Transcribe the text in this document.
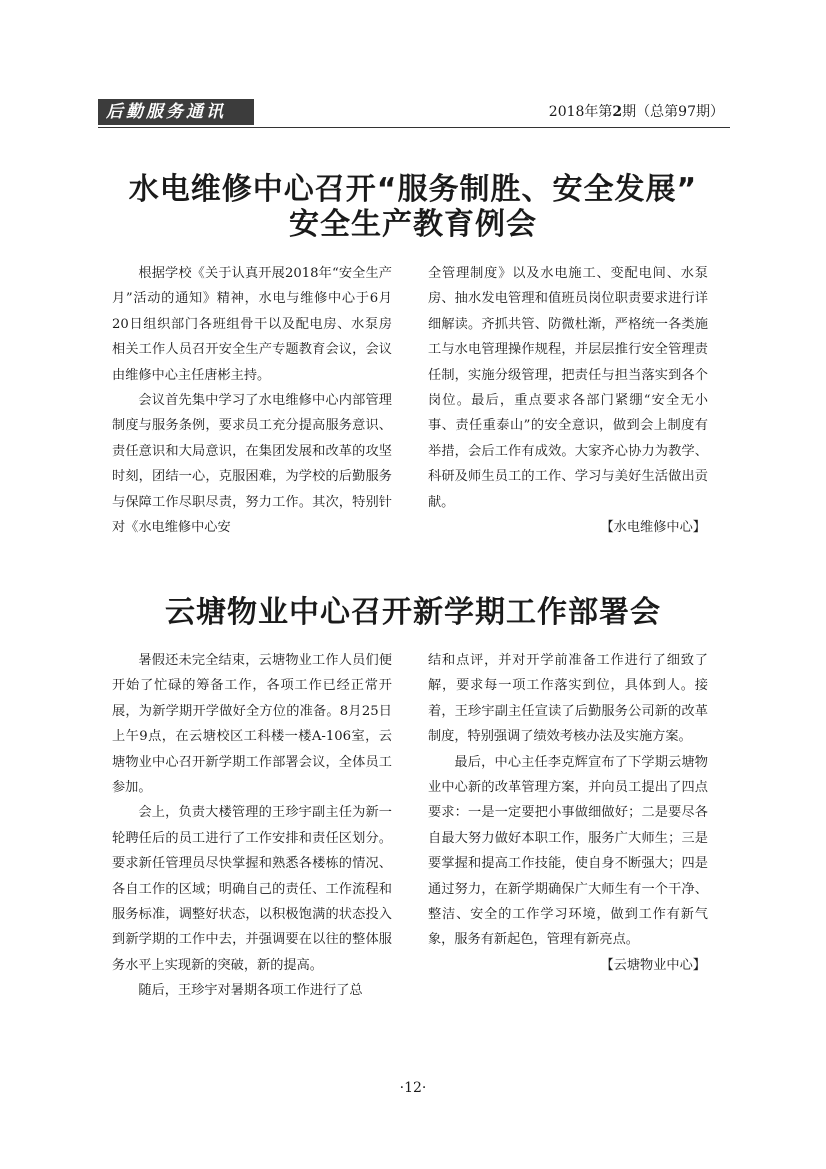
后勤服务通讯	2018年第2期（总第97期）
水电维修中心召开“服务制胜、安全发展”
安全生产教育例会

根据学校《关于认真开展2018年“安全生产月”活动的通知》精神，水电与维修中心于6月20日组织部门各班组骨干以及配电房、水泵房相关工作人员召开安全生产专题教育会议，会议由维修中心主任唐彬主持。

会议首先集中学习了水电维修中心内部管理制度与服务条例，要求员工充分提高服务意识、责任意识和大局意识，在集团发展和改革的攻坚时刻，团结一心，克服困难，为学校的后勤服务与保障工作尽职尽责，努力工作。其次，特别针对《水电维修中心安

全管理制度》以及水电施工、变配电间、水泵房、抽水发电管理和值班员岗位职责要求进行详细解读。齐抓共管、防微杜渐，严格统一各类施工与水电管理操作规程，并层层推行安全管理责任制，实施分级管理，把责任与担当落实到各个岗位。最后，重点要求各部门紧绷“安全无小事、责任重泰山”的安全意识，做到会上制度有举措，会后工作有成效。大家齐心协力为教学、科研及师生员工的工作、学习与美好生活做出贡献。

【水电维修中心】

云塘物业中心召开新学期工作部署会

暑假还未完全结束，云塘物业工作人员们便开始了忙碌的筹备工作，各项工作已经正常开展，为新学期开学做好全方位的准备。8月25日上午9点，在云塘校区工科楼一楼A-106室，云塘物业中心召开新学期工作部署会议，全体员工参加。

会上，负责大楼管理的王珍宇副主任为新一轮聘任后的员工进行了工作安排和责任区划分。要求新任管理员尽快掌握和熟悉各楼栋的情况、各自工作的区域；明确自己的责任、工作流程和服务标准，调整好状态，以积极饱满的状态投入到新学期的工作中去，并强调要在以往的整体服务水平上实现新的突破，新的提高。

随后，王珍宇对暑期各项工作进行了总

结和点评，并对开学前准备工作进行了细致了解，要求每一项工作落实到位，具体到人。接着，王珍宇副主任宣读了后勤服务公司新的改革制度，特别强调了绩效考核办法及实施方案。

最后，中心主任李克辉宣布了下学期云塘物业中心新的改革管理方案，并向员工提出了四点要求：一是一定要把小事做细做好；二是要尽各自最大努力做好本职工作，服务广大师生；三是要掌握和提高工作技能，使自身不断强大；四是通过努力，在新学期确保广大师生有一个干净、整洁、安全的工作学习环境，做到工作有新气象，服务有新起色，管理有新亮点。

【云塘物业中心】

·12·
